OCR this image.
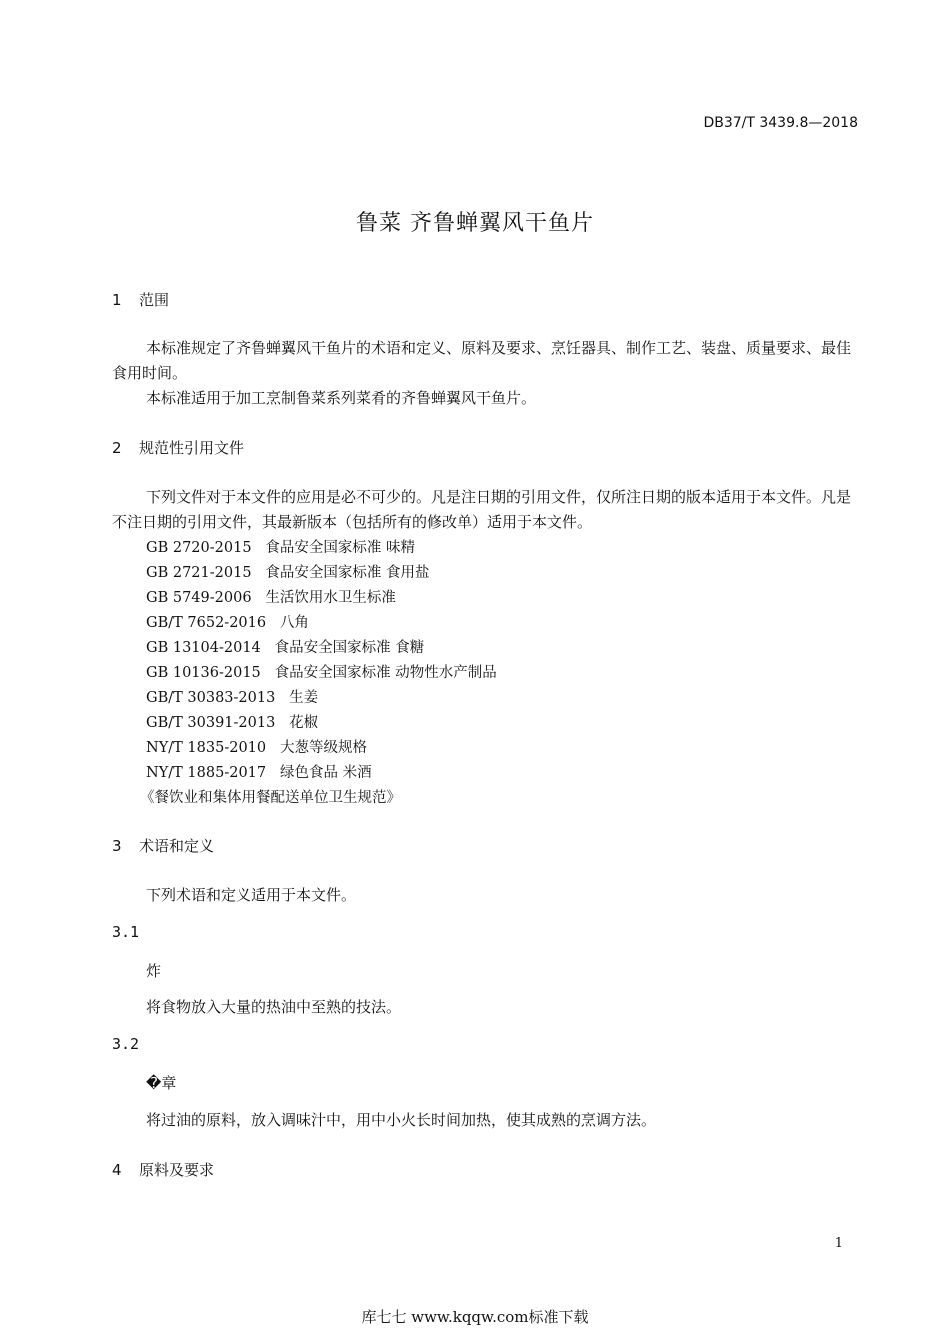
DB37/T 3439.8—2018
鲁菜 齐鲁蝉翼风干鱼片
1 范围
本标准规定了齐鲁蝉翼风干鱼片的术语和定义、原料及要求、烹饪器具、制作工艺、装盘、质量要求、最佳食用时间。
本标准适用于加工烹制鲁菜系列菜肴的齐鲁蝉翼风干鱼片。
2 规范性引用文件
下列文件对于本文件的应用是必不可少的。凡是注日期的引用文件，仅所注日期的版本适用于本文件。凡是不注日期的引用文件，其最新版本（包括所有的修改单）适用于本文件。
GB 2720-2015 食品安全国家标准 味精
GB 2721-2015 食品安全国家标准 食用盐
GB 5749-2006 生活饮用水卫生标准
GB/T 7652-2016 八角
GB 13104-2014 食品安全国家标准 食糖
GB 10136-2015 食品安全国家标准 动物性水产制品
GB/T 30383-2013 生姜
GB/T 30391-2013 花椒
NY/T 1835-2010 大葱等级规格
NY/T 1885-2017 绿色食品 米酒
《餐饮业和集体用餐配送单位卫生规范》
3 术语和定义
下列术语和定义适用于本文件。
3.1
炸
将食物放入大量的热油中至熟的技法。
3.2
�章
将过油的原料，放入调味汁中，用中小火长时间加热，使其成熟的烹调方法。
4 原料及要求
1
库七七 www.kqqw.com标准下载
